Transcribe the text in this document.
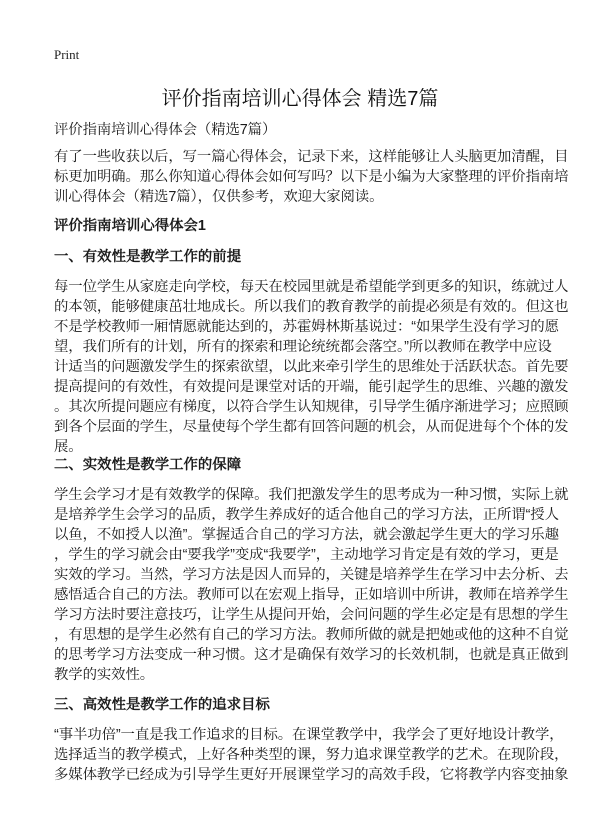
Print
评价指南培训心得体会 精选7篇
评价指南培训心得体会（精选7篇）
有了一些收获以后，写一篇心得体会，记录下来，这样能够让人头脑更加清醒，目
标更加明确。那么你知道心得体会如何写吗？以下是小编为大家整理的评价指南培
训心得体会（精选7篇），仅供参考，欢迎大家阅读。
评价指南培训心得体会1
一、有效性是教学工作的前提
每一位学生从家庭走向学校，每天在校园里就是希望能学到更多的知识，练就过人
的本领，能够健康茁壮地成长。所以我们的教育教学的前提必须是有效的。但这也
不是学校教师一厢情愿就能达到的，苏霍姆林斯基说过：“如果学生没有学习的愿
望，我们所有的计划，所有的探索和理论统统都会落空。”所以教师在教学中应设
计适当的问题激发学生的探索欲望，以此来牵引学生的思维处于活跃状态。首先要
提高提问的有效性，有效提问是课堂对话的开端，能引起学生的思维、兴趣的激发
。其次所提问题应有梯度，以符合学生认知规律，引导学生循序渐进学习；应照顾
到各个层面的学生，尽量使每个学生都有回答问题的机会，从而促进每个个体的发
展。
二、实效性是教学工作的保障
学生会学习才是有效教学的保障。我们把激发学生的思考成为一种习惯，实际上就
是培养学生会学习的品质，教学生养成好的适合他自己的学习方法，正所谓“授人
以鱼，不如授人以渔”。掌握适合自己的学习方法，就会激起学生更大的学习乐趣
，学生的学习就会由“要我学”变成“我要学”，主动地学习肯定是有效的学习，更是
实效的学习。当然，学习方法是因人而异的，关键是培养学生在学习中去分析、去
感悟适合自己的方法。教师可以在宏观上指导，正如培训中所讲，教师在培养学生
学习方法时要注意技巧，让学生从提问开始，会问问题的学生必定是有思想的学生
，有思想的是学生必然有自己的学习方法。教师所做的就是把她或他的这种不自觉
的思考学习方法变成一种习惯。这才是确保有效学习的长效机制，也就是真正做到
教学的实效性。
三、高效性是教学工作的追求目标
“事半功倍”一直是我工作追求的目标。在课堂教学中，我学会了更好地设计教学，
选择适当的教学模式，上好各种类型的课，努力追求课堂教学的艺术。在现阶段，
多媒体教学已经成为引导学生更好开展课堂学习的高效手段，它将教学内容变抽象
